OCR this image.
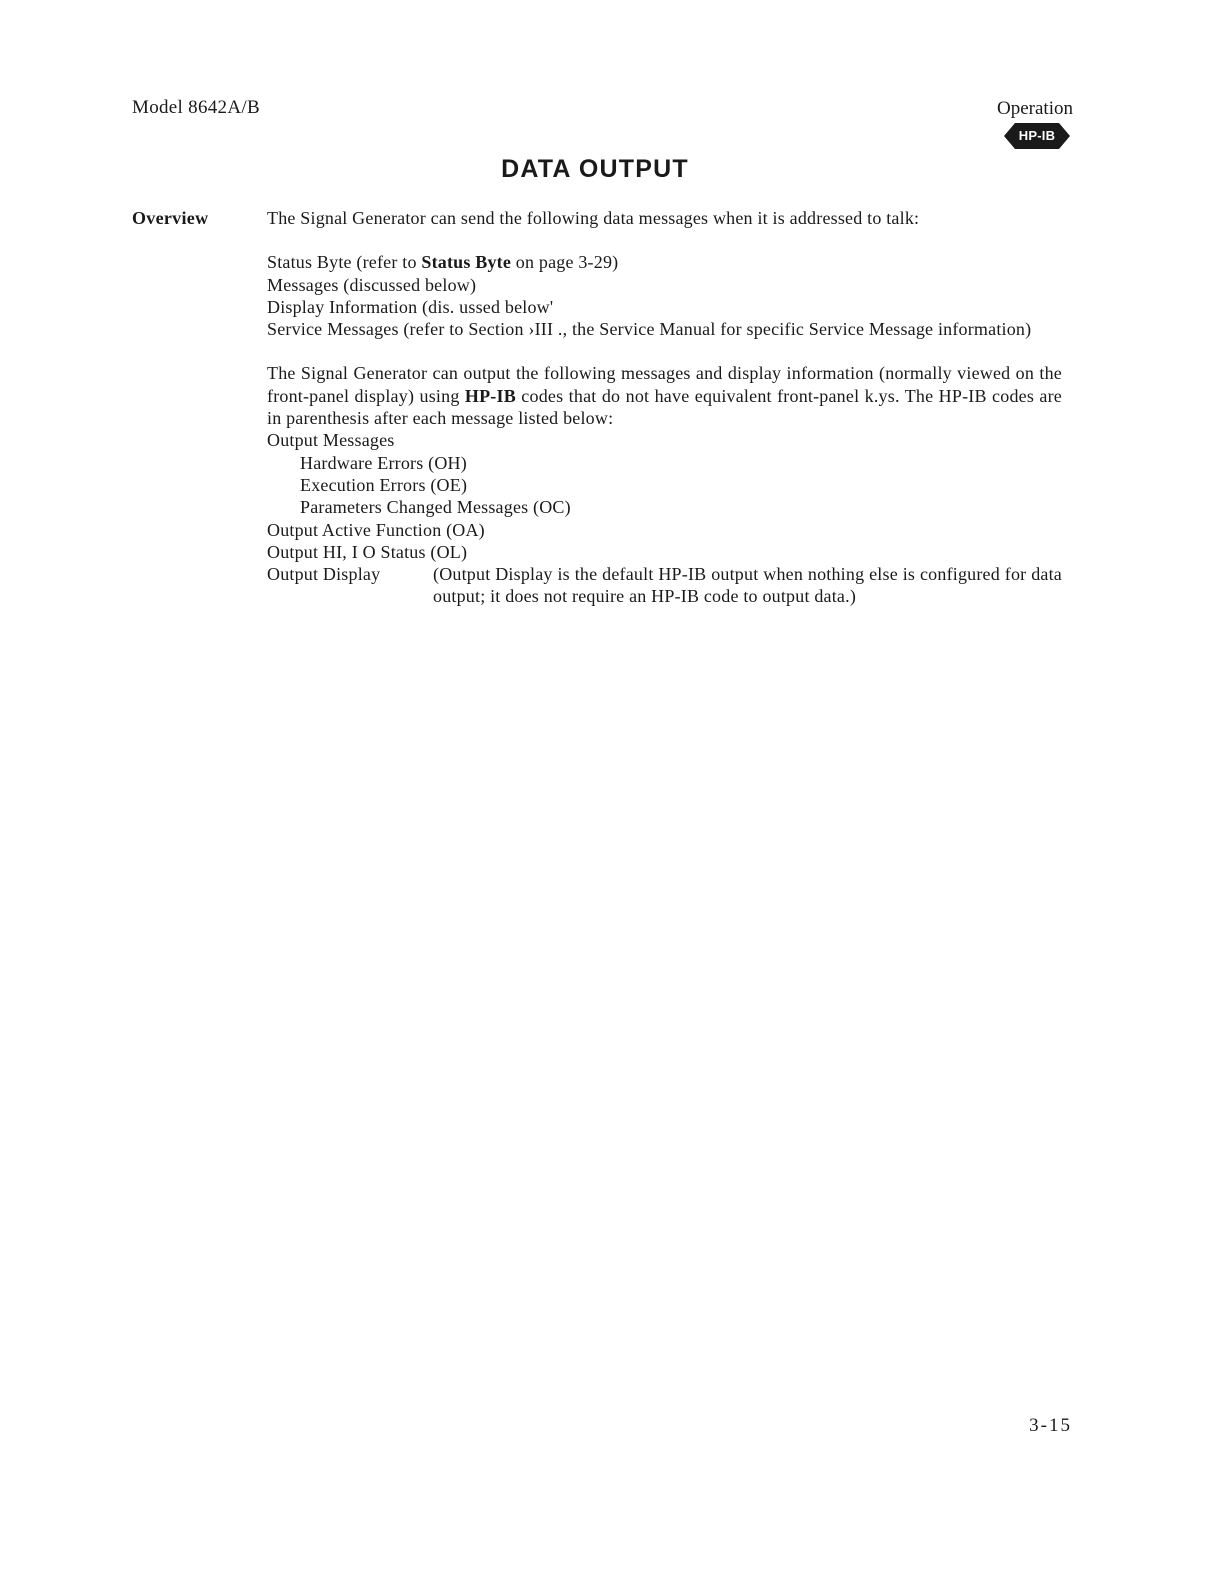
Model 8642A/B	Operation
HP-IB
DATA OUTPUT
Overview	The Signal Generator can send the following data messages when it is addressed to talk:

Status Byte (refer to Status Byte on page 3-29)

Messages (discussed below)

Display Information (dis. ussed below'

Service Messages (refer to Section ›III ., the Service Manual for specific Service Message information)

The Signal Generator can output the following messages and display information (normally viewed on the front-panel display) using HP-IB codes that do not have equivalent front-panel k.ys. The HP-IB codes are in parenthesis after each message listed below:

Output Messages

Hardware Errors (OH)

Execution Errors (OE)

Parameters Changed Messages (OC)

Output Active Function (OA)

Output HI, I O Status (OL)

Output Display	(Output Display is the default HP-IB output when nothing else is configured for data output; it does not require an HP-IB code to output data.)
3-15
